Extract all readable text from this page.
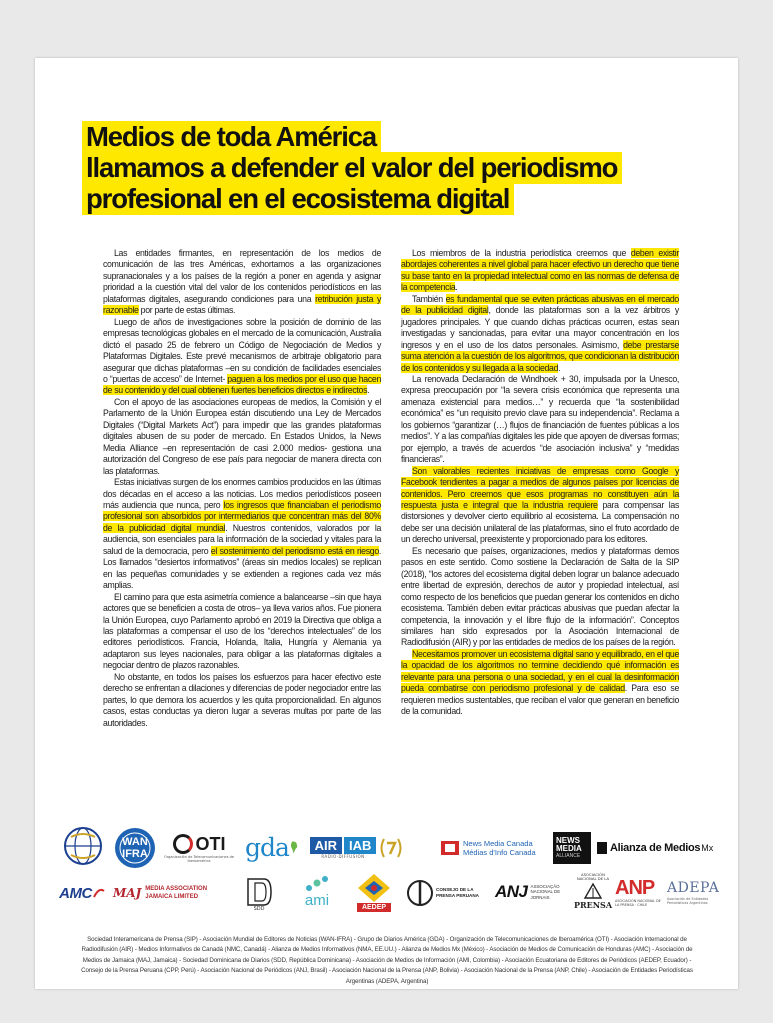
Medios de toda América
llamamos a defender el valor del periodismo
profesional en el ecosistema digital

Las entidades firmantes, en representación de los medios de comunicación de las tres Américas, exhortamos a las organizaciones supranacionales y a los países de la región a poner en agenda y asignar prioridad a la cuestión vital del valor de los contenidos periodísticos en las plataformas digitales, asegurando condiciones para una retribución justa y razonable por parte de estas últimas.

Luego de años de investigaciones sobre la posición de dominio de las empresas tecnológicas globales en el mercado de la comunicación, Australia dictó el pasado 25 de febrero un Código de Negociación de Medios y Plataformas Digitales. Este prevé mecanismos de arbitraje obligatorio para asegurar que dichas plataformas –en su condición de facilidades esenciales o “puertas de acceso” de Internet- paguen a los medios por el uso que hacen de su contenido y del cual obtienen fuertes beneficios directos e indirectos.

Con el apoyo de las asociaciones europeas de medios, la Comisión y el Parlamento de la Unión Europea están discutiendo una Ley de Mercados Digitales (“Digital Markets Act”) para impedir que las grandes plataformas digitales abusen de su poder de mercado. En Estados Unidos, la News Media Alliance –en representación de casi 2.000 medios- gestiona una autorización del Congreso de ese país para negociar de manera directa con las plataformas.

Estas iniciativas surgen de los enormes cambios producidos en las últimas dos décadas en el acceso a las noticias. Los medios periodísticos poseen más audiencia que nunca, pero los ingresos que financiaban el periodismo profesional son absorbidos por intermediarios que concentran más del 80% de la publicidad digital mundial. Nuestros contenidos, valorados por la audiencia, son esenciales para la información de la sociedad y vitales para la salud de la democracia, pero el sostenimiento del periodismo está en riesgo. Los llamados “desiertos informativos” (áreas sin medios locales) se replican en las pequeñas comunidades y se extienden a regiones cada vez más amplias.

El camino para que esta asimetría comience a balancearse –sin que haya actores que se beneficien a costa de otros– ya lleva varios años. Fue pionera la Unión Europea, cuyo Parlamento aprobó en 2019 la Directiva que obliga a las plataformas a compensar el uso de los “derechos intelectuales” de los editores periodísticos. Francia, Holanda, Italia, Hungría y Alemania ya adaptaron sus leyes nacionales, para obligar a las plataformas digitales a negociar dentro de plazos razonables.

No obstante, en todos los países los esfuerzos para hacer efectivo este derecho se enfrentan a dilaciones y diferencias de poder negociador entre las partes, lo que demora los acuerdos y les quita proporcionalidad. En algunos casos, estas conductas ya dieron lugar a severas multas por parte de las autoridades.

Los miembros de la industria periodística creemos que deben existir abordajes coherentes a nivel global para hacer efectivo un derecho que tiene su base tanto en la propiedad intelectual como en las normas de defensa de la competencia.

También es fundamental que se eviten prácticas abusivas en el mercado de la publicidad digital, donde las plataformas son a la vez árbitros y jugadores principales. Y que cuando dichas prácticas ocurren, estas sean investigadas y sancionadas, para evitar una mayor concentración en los ingresos y en el uso de los datos personales. Asimismo, debe prestarse suma atención a la cuestión de los algoritmos, que condicionan la distribución de los contenidos y su llegada a la sociedad.

La renovada Declaración de Windhoek + 30, impulsada por la Unesco, expresa preocupación por “la severa crisis económica que representa una amenaza existencial para medios…” y recuerda que “la sostenibilidad económica” es “un requisito previo clave para su independencia”. Reclama a los gobiernos “garantizar (…) flujos de financiación de fuentes públicas a los medios”. Y a las compañías digitales les pide que apoyen de diversas formas; por ejemplo, a través de acuerdos “de asociación inclusiva” y “medidas financieras”.

Son valorables recientes iniciativas de empresas como Google y Facebook tendientes a pagar a medios de algunos países por licencias de contenidos. Pero creemos que esos programas no constituyen aún la respuesta justa e integral que la industria requiere para compensar las distorsiones y devolver cierto equilibrio al ecosistema. La compensación no debe ser una decisión unilateral de las plataformas, sino el fruto acordado de un derecho universal, preexistente y proporcionado para los editores.

Es necesario que países, organizaciones, medios y plataformas demos pasos en este sentido. Como sostiene la Declaración de Salta de la SIP (2018), “los actores del ecosistema digital deben lograr un balance adecuado entre libertad de expresión, derechos de autor y propiedad intelectual, así como respecto de los beneficios que puedan generar los contenidos en dicho ecosistema. También deben evitar prácticas abusivas que puedan afectar la competencia, la innovación y el libre flujo de la información”. Conceptos similares han sido expresados por la Asociación Internacional de Radiodifusión (AIR) y por las entidades de medios de los países de la región.

Necesitamos promover un ecosistema digital sano y equilibrado, en el que la opacidad de los algoritmos no termine decidiendo qué información es relevante para una persona o una sociedad, y en el cual la desinformación pueda combatirse con periodismo profesional y de calidad. Para eso se requieren medios sustentables, que reciban el valor que generan en beneficio de la comunidad.

WAN
IFRA
OTI
Organización de Telecomunicaciones de Iberoamérica	gda	AIR IAB
RADIO·DIFFUSION
News Media Canada
Médias d'Info Canada
NEWS
MEDIA
ALLIANCE
Alianza de Medios Mx
AMC MAJ MEDIA ASSOCIATION
JAMAICA LIMITED
SDD	ami	AEDEP
CONSEJO DE LA PRENSA PERUANA ANJ ASSOCIAÇÃO NACIONAL DE JORNAIS
ASOCIACIÓN NACIONAL DE LA
PRENSA
ANP
ASOCIACIÓN NACIONAL DE LA PRENSA · CHILE
ADEPA
Asociación de Entidades Periodísticas Argentinas
Sociedad Interamericana de Prensa (SIP) - Asociación Mundial de Editores de Noticias (WAN-IFRA) - Grupo de Diarios América (GDA) - Organización de Telecomunicaciones de Iberoamérica (OTI) - Asociación Internacional de Radiodifusión (AIR) - Medios Informativos de Canadá (NMC, Canadá) - Alianza de Medios Informativos (NMA, EE.UU.) - Alianza de Medios Mx (México) - Asociación de Medios de Comunicación de Honduras (AMC) - Asociación de Medios de Jamaica (MAJ, Jamaica) - Sociedad Dominicana de Diarios (SDD, República Dominicana) - Asociación de Medios de Información (AMI, Colombia) - Asociación Ecuatoriana de Editores de Periódicos (AEDEP, Ecuador) - Consejo de la Prensa Peruana (CPP, Perú) - Asociación Nacional de Periódicos (ANJ, Brasil) - Asociación Nacional de la Prensa (ANP, Bolivia) - Asociación Nacional de la Prensa (ANP, Chile) - Asociación de Entidades Periodísticas Argentinas (ADEPA, Argentina)
